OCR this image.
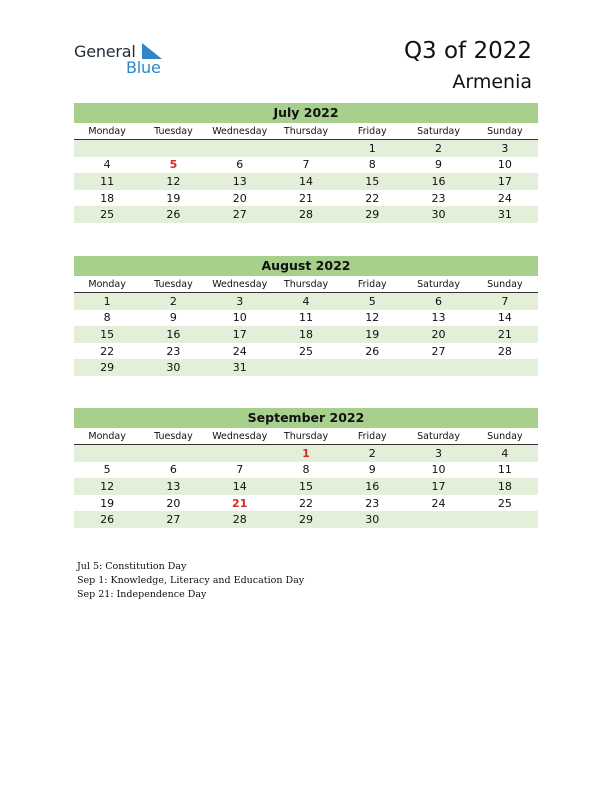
General
Blue
Q3 of 2022
Armenia
July 2022
Monday	Tuesday	Wednesday	Thursday	Friday	Saturday	Sunday
				1	2	3
4	5	6	7	8	9	10
11	12	13	14	15	16	17
18	19	20	21	22	23	24
25	26	27	28	29	30	31
August 2022
Monday	Tuesday	Wednesday	Thursday	Friday	Saturday	Sunday
1	2	3	4	5	6	7
8	9	10	11	12	13	14
15	16	17	18	19	20	21
22	23	24	25	26	27	28
29	30	31				
September 2022
Monday	Tuesday	Wednesday	Thursday	Friday	Saturday	Sunday
			1	2	3	4
5	6	7	8	9	10	11
12	13	14	15	16	17	18
19	20	21	22	23	24	25
26	27	28	29	30		
Jul 5: Constitution Day
Sep 1: Knowledge, Literacy and Education Day
Sep 21: Independence Day
